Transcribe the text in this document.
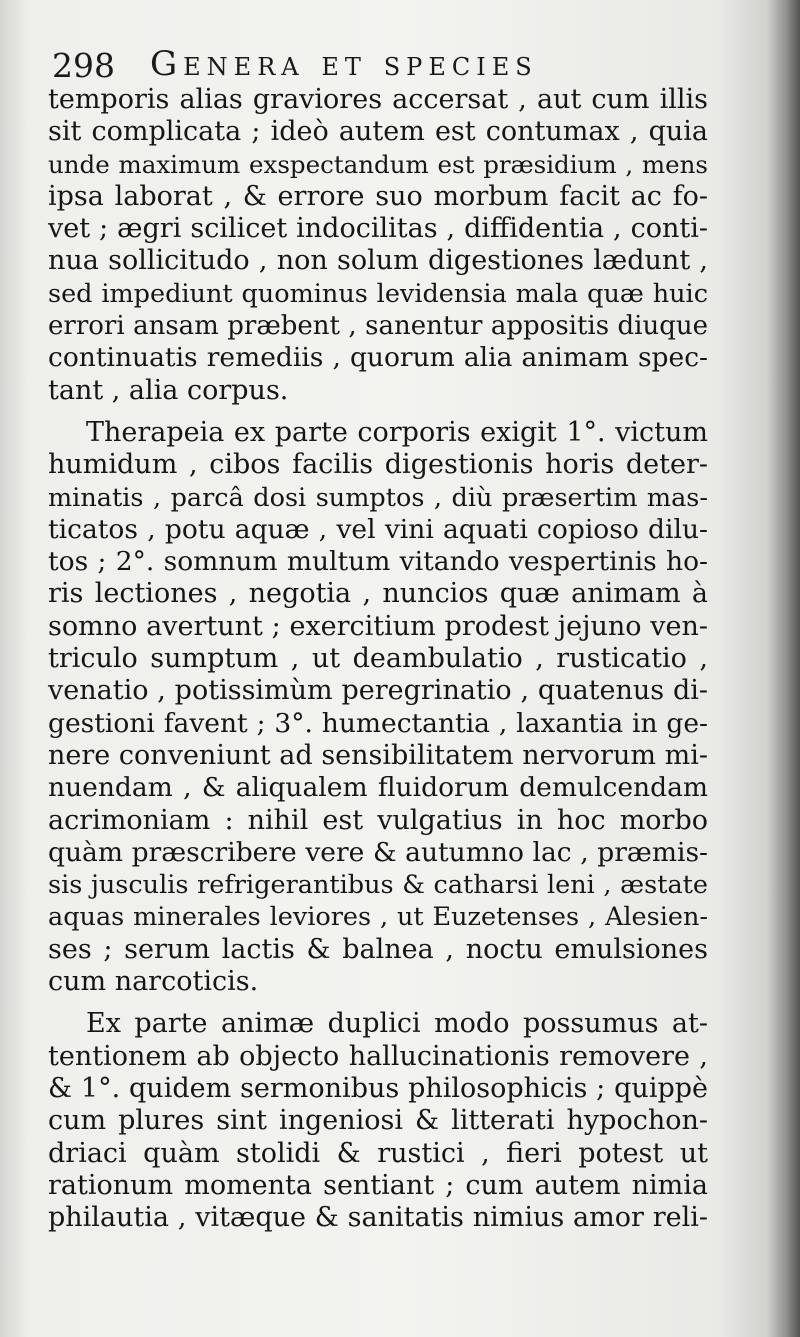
298 Genera et species
temporis alias graviores accersat , aut cum illis
sit complicata ; ideò autem est contumax , quia
unde maximum exspectandum est præsidium , mens
ipsa laborat , & errore suo morbum facit ac fo-
vet ; ægri scilicet indocilitas , diffidentia , conti-
nua sollicitudo , non solum digestiones lædunt ,
sed impediunt quominus levidensia mala quæ huic
errori ansam præbent , sanentur appositis diuque
continuatis remediis , quorum alia animam spec-
tant , alia corpus.
Therapeia ex parte corporis exigit 1°. victum
humidum , cibos facilis digestionis horis deter-
minatis , parcâ dosi sumptos , diù præsertim mas-
ticatos , potu aquæ , vel vini aquati copioso dilu-
tos ; 2°. somnum multum vitando vespertinis ho-
ris lectiones , negotia , nuncios quæ animam à
somno avertunt ; exercitium prodest jejuno ven-
triculo sumptum , ut deambulatio , rusticatio ,
venatio , potissimùm peregrinatio , quatenus di-
gestioni favent ; 3°. humectantia , laxantia in ge-
nere conveniunt ad sensibilitatem nervorum mi-
nuendam , & aliqualem fluidorum demulcendam
acrimoniam : nihil est vulgatius in hoc morbo
quàm præscribere vere & autumno lac , præmis-
sis jusculis refrigerantibus & catharsi leni , æstate
aquas minerales leviores , ut Euzetenses , Alesien-
ses ; serum lactis & balnea , noctu emulsiones
cum narcoticis.
Ex parte animæ duplici modo possumus at-
tentionem ab objecto hallucinationis removere ,
& 1°. quidem sermonibus philosophicis ; quippè
cum plures sint ingeniosi & litterati hypochon-
driaci quàm stolidi & rustici , fieri potest ut
rationum momenta sentiant ; cum autem nimia
philautia , vitæque & sanitatis nimius amor reli-
